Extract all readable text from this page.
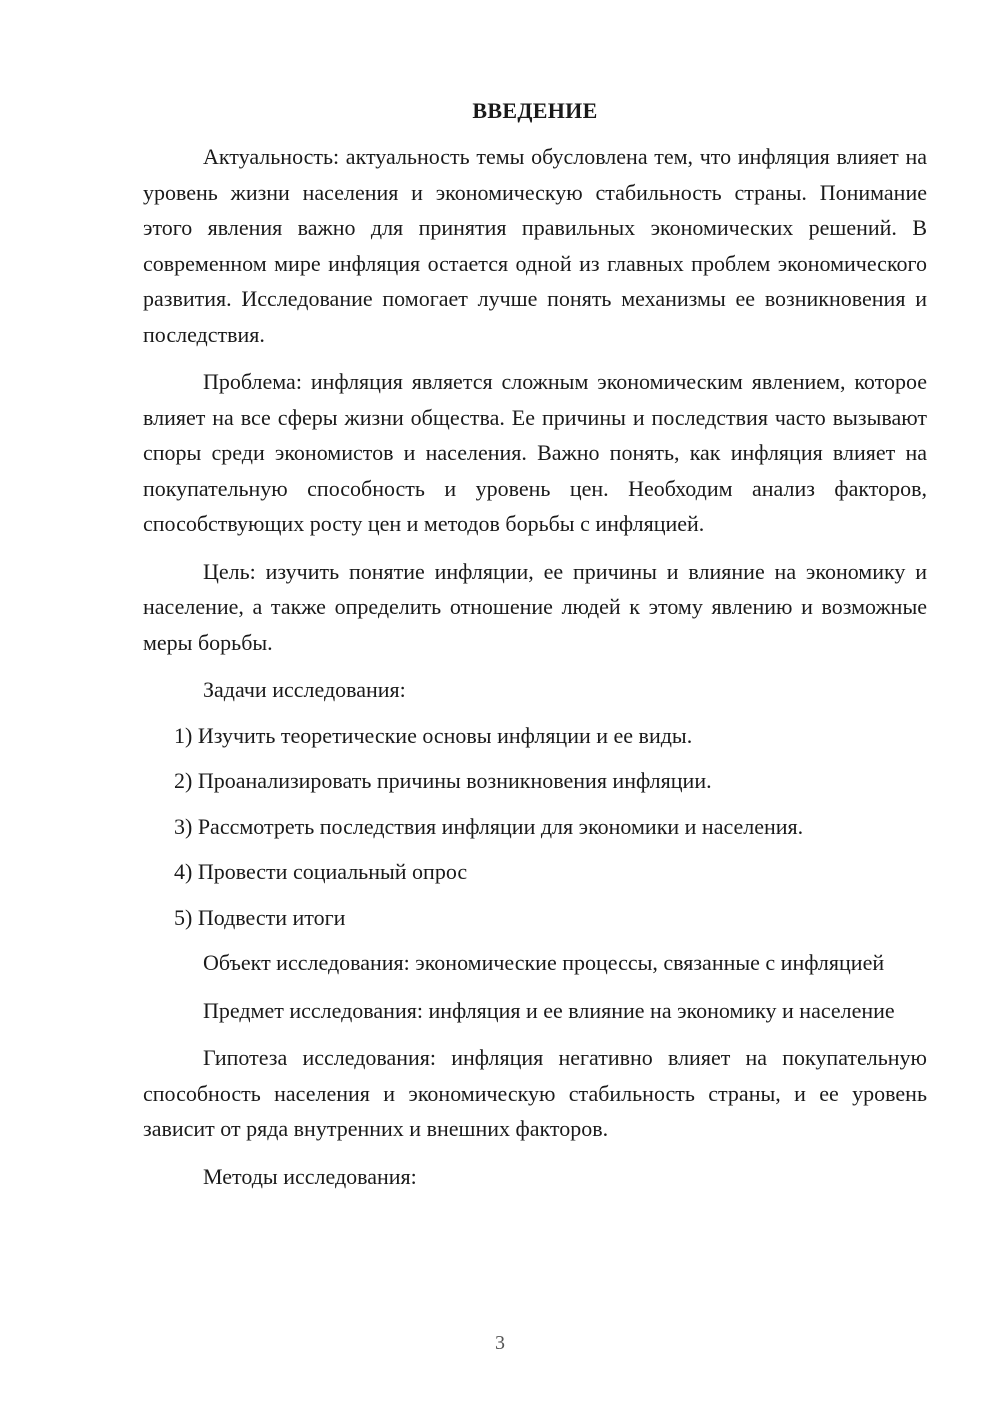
ВВЕДЕНИЕ

Актуальность: актуальность темы обусловлена тем, что инфляция влияет на уровень жизни населения и экономическую стабильность страны. Понимание этого явления важно для принятия правильных экономических решений. В современном мире инфляция остается одной из главных проблем экономического развития. Исследование помогает лучше понять механизмы ее возникновения и последствия.

Проблема: инфляция является сложным экономическим явлением, которое влияет на все сферы жизни общества. Ее причины и последствия часто вызывают споры среди экономистов и населения. Важно понять, как инфляция влияет на покупательную способность и уровень цен. Необходим анализ факторов, способствующих росту цен и методов борьбы с инфляцией.

Цель: изучить понятие инфляции, ее причины и влияние на экономику и население, а также определить отношение людей к этому явлению и возможные меры борьбы.

Задачи исследования:

1) Изучить теоретические основы инфляции и ее виды.

2) Проанализировать причины возникновения инфляции.

3) Рассмотреть последствия инфляции для экономики и населения.

4) Провести социальный опрос

5) Подвести итоги

Объект исследования: экономические процессы, связанные с инфляцией

Предмет исследования: инфляция и ее влияние на экономику и население

Гипотеза исследования: инфляция негативно влияет на покупательную способность населения и экономическую стабильность страны, и ее уровень зависит от ряда внутренних и внешних факторов.

Методы исследования:

3
